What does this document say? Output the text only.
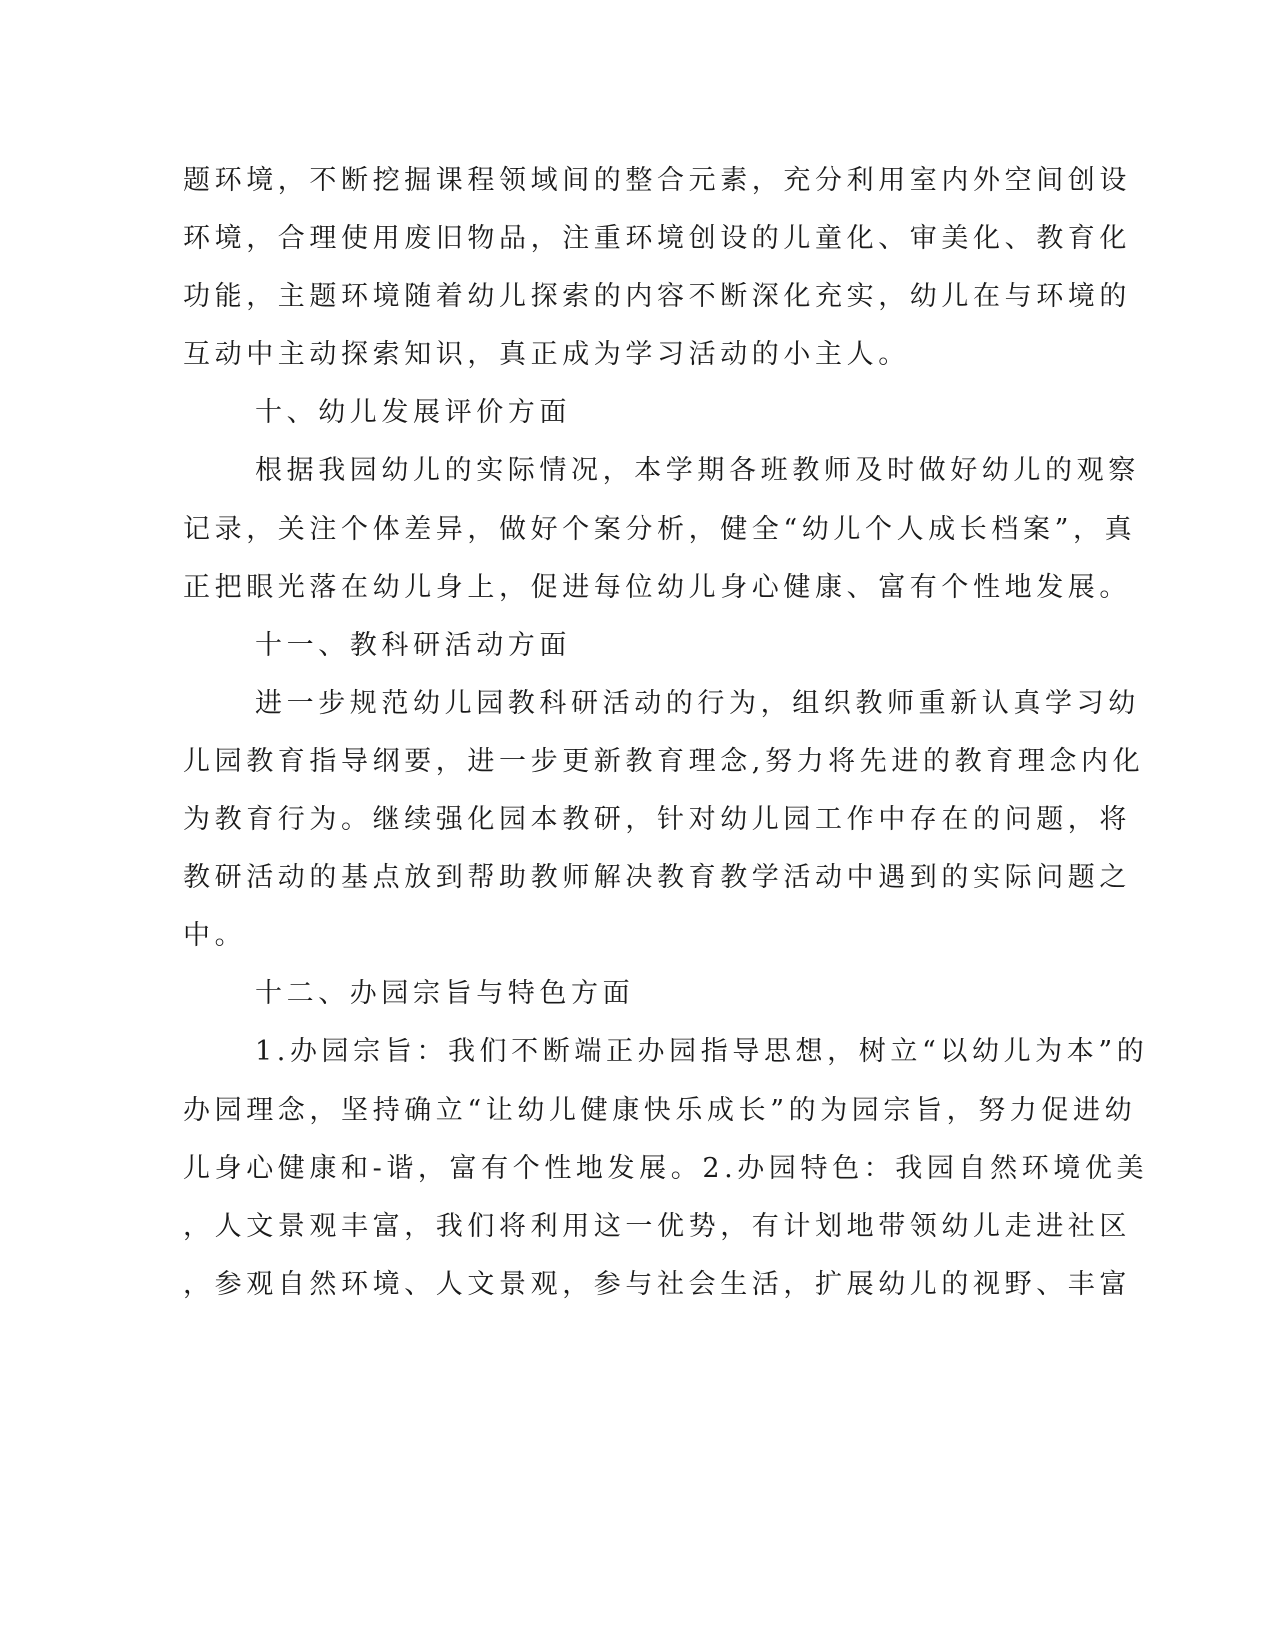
题环境，不断挖掘课程领域间的整合元素，充分利用室内外空间创设
环境，合理使用废旧物品，注重环境创设的儿童化、审美化、教育化
功能，主题环境随着幼儿探索的内容不断深化充实，幼儿在与环境的
互动中主动探索知识，真正成为学习活动的小主人。
十、幼儿发展评价方面
根据我园幼儿的实际情况，本学期各班教师及时做好幼儿的观察
记录，关注个体差异，做好个案分析，健全“幼儿个人成长档案”，真
正把眼光落在幼儿身上，促进每位幼儿身心健康、富有个性地发展。
十一、教科研活动方面
进一步规范幼儿园教科研活动的行为，组织教师重新认真学习幼
儿园教育指导纲要，进一步更新教育理念,努力将先进的教育理念内化
为教育行为。继续强化园本教研，针对幼儿园工作中存在的问题，将
教研活动的基点放到帮助教师解决教育教学活动中遇到的实际问题之
中。
十二、办园宗旨与特色方面
1.办园宗旨：我们不断端正办园指导思想，树立“以幼儿为本”的
办园理念，坚持确立“让幼儿健康快乐成长”的为园宗旨，努力促进幼
儿身心健康和-谐，富有个性地发展。2.办园特色：我园自然环境优美
，人文景观丰富，我们将利用这一优势，有计划地带领幼儿走进社区
，参观自然环境、人文景观，参与社会生活，扩展幼儿的视野、丰富
